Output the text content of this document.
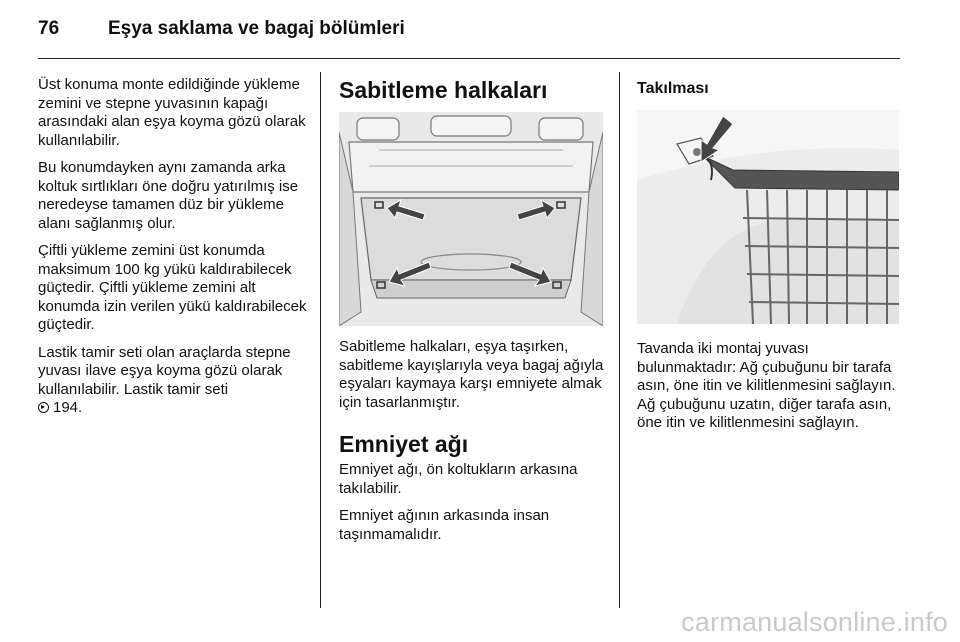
76	Eşya saklama ve bagaj bölümleri

Üst konuma monte edildiğinde yükleme zemini ve stepne yuvasının kapağı arasındaki alan eşya koyma gözü olarak kullanılabilir.

Bu konumdayken aynı zamanda arka koltuk sırtlıkları öne doğru yatırılmış ise neredeyse tamamen düz bir yükleme alanı sağlanmış olur.

Çiftli yükleme zemini üst konumda maksimum 100 kg yükü kaldırabilecek güçtedir. Çiftli yükleme zemini alt konumda izin verilen yükü kaldırabilecek güçtedir.

Lastik tamir seti olan araçlarda stepne yuvası ilave eşya koyma gözü olarak kullanılabilir. Lastik tamir seti
194.

Sabitleme halkaları

Sabitleme halkaları, eşya taşırken, sabitleme kayışlarıyla veya bagaj ağıyla eşyaları kaymaya karşı emniyete almak için tasarlanmıştır.

Emniyet ağı

Emniyet ağı, ön koltukların arkasına takılabilir.

Emniyet ağının arkasında insan taşınmamalıdır.

Takılması

Tavanda iki montaj yuvası bulunmaktadır: Ağ çubuğunu bir tarafa asın, öne itin ve kilitlenmesini sağlayın. Ağ çubuğunu uzatın, diğer tarafa asın, öne itin ve kilitlenmesini sağlayın.

carmanualsonline.info
